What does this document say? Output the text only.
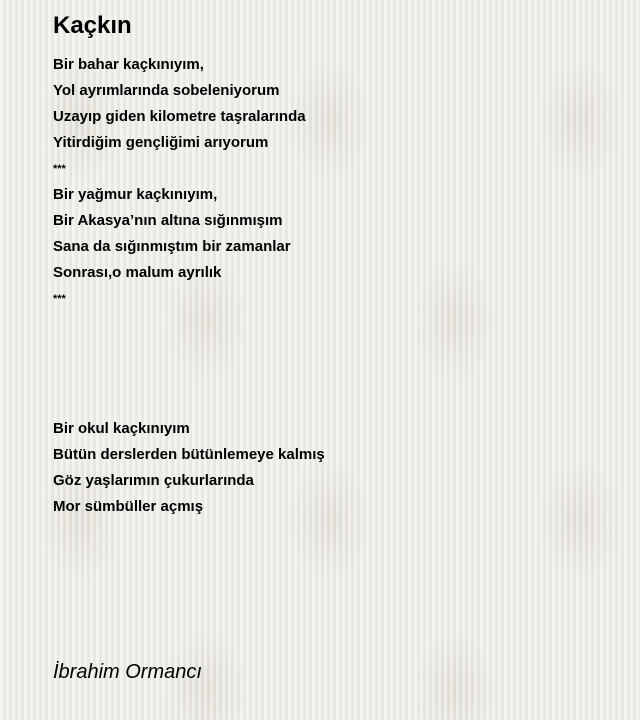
Kaçkın
Bir bahar kaçkınıyım,
Yol ayrımlarında sobeleniyorum
Uzayıp giden kilometre taşralarında
Yitirdiğim gençliğimi arıyorum
***
Bir yağmur kaçkınıyım,
Bir Akasya’nın altına sığınmışım
Sana da sığınmıştım bir zamanlar
Sonrası,o malum ayrılık
***
Bir okul kaçkınıyım
Bütün derslerden bütünlemeye kalmış
Göz yaşlarımın çukurlarında
Mor sümbüller açmış
İbrahim Ormancı
